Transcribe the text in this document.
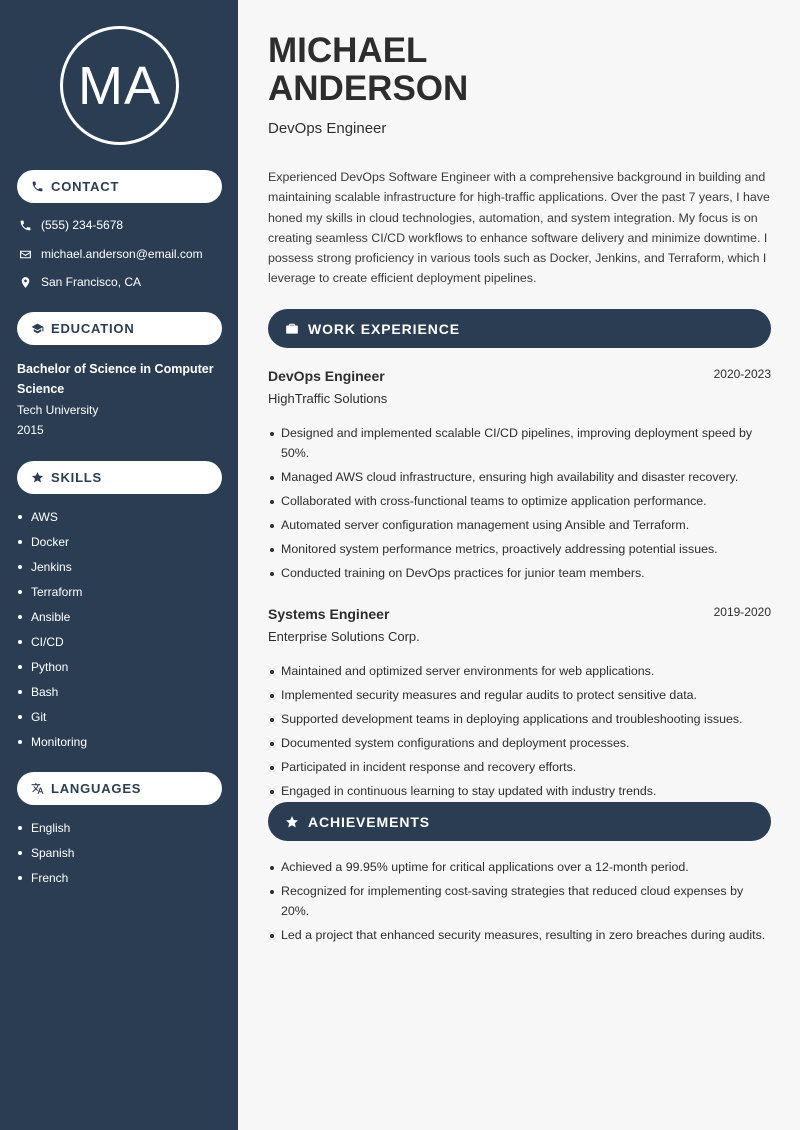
MA
CONTACT
(555) 234-5678
michael.anderson@email.com
San Francisco, CA
EDUCATION
Bachelor of Science in Computer Science
Tech University
2015
SKILLS
AWS
Docker
Jenkins
Terraform
Ansible
CI/CD
Python
Bash
Git
Monitoring
LANGUAGES
English
Spanish
French
MICHAEL
ANDERSON
DevOps Engineer
Experienced DevOps Software Engineer with a comprehensive background in building and maintaining scalable infrastructure for high-traffic applications. Over the past 7 years, I have honed my skills in cloud technologies, automation, and system integration. My focus is on creating seamless CI/CD workflows to enhance software delivery and minimize downtime. I possess strong proficiency in various tools such as Docker, Jenkins, and Terraform, which I leverage to create efficient deployment pipelines.
WORK EXPERIENCE
DevOps Engineer	2020-2023
HighTraffic Solutions
Designed and implemented scalable CI/CD pipelines, improving deployment speed by 50%.
Managed AWS cloud infrastructure, ensuring high availability and disaster recovery.
Collaborated with cross-functional teams to optimize application performance.
Automated server configuration management using Ansible and Terraform.
Monitored system performance metrics, proactively addressing potential issues.
Conducted training on DevOps practices for junior team members.
Systems Engineer	2019-2020
Enterprise Solutions Corp.
Maintained and optimized server environments for web applications.
Implemented security measures and regular audits to protect sensitive data.
Supported development teams in deploying applications and troubleshooting issues.
Documented system configurations and deployment processes.
Participated in incident response and recovery efforts.
Engaged in continuous learning to stay updated with industry trends.
ACHIEVEMENTS
Achieved a 99.95% uptime for critical applications over a 12-month period.
Recognized for implementing cost-saving strategies that reduced cloud expenses by 20%.
Led a project that enhanced security measures, resulting in zero breaches during audits.
